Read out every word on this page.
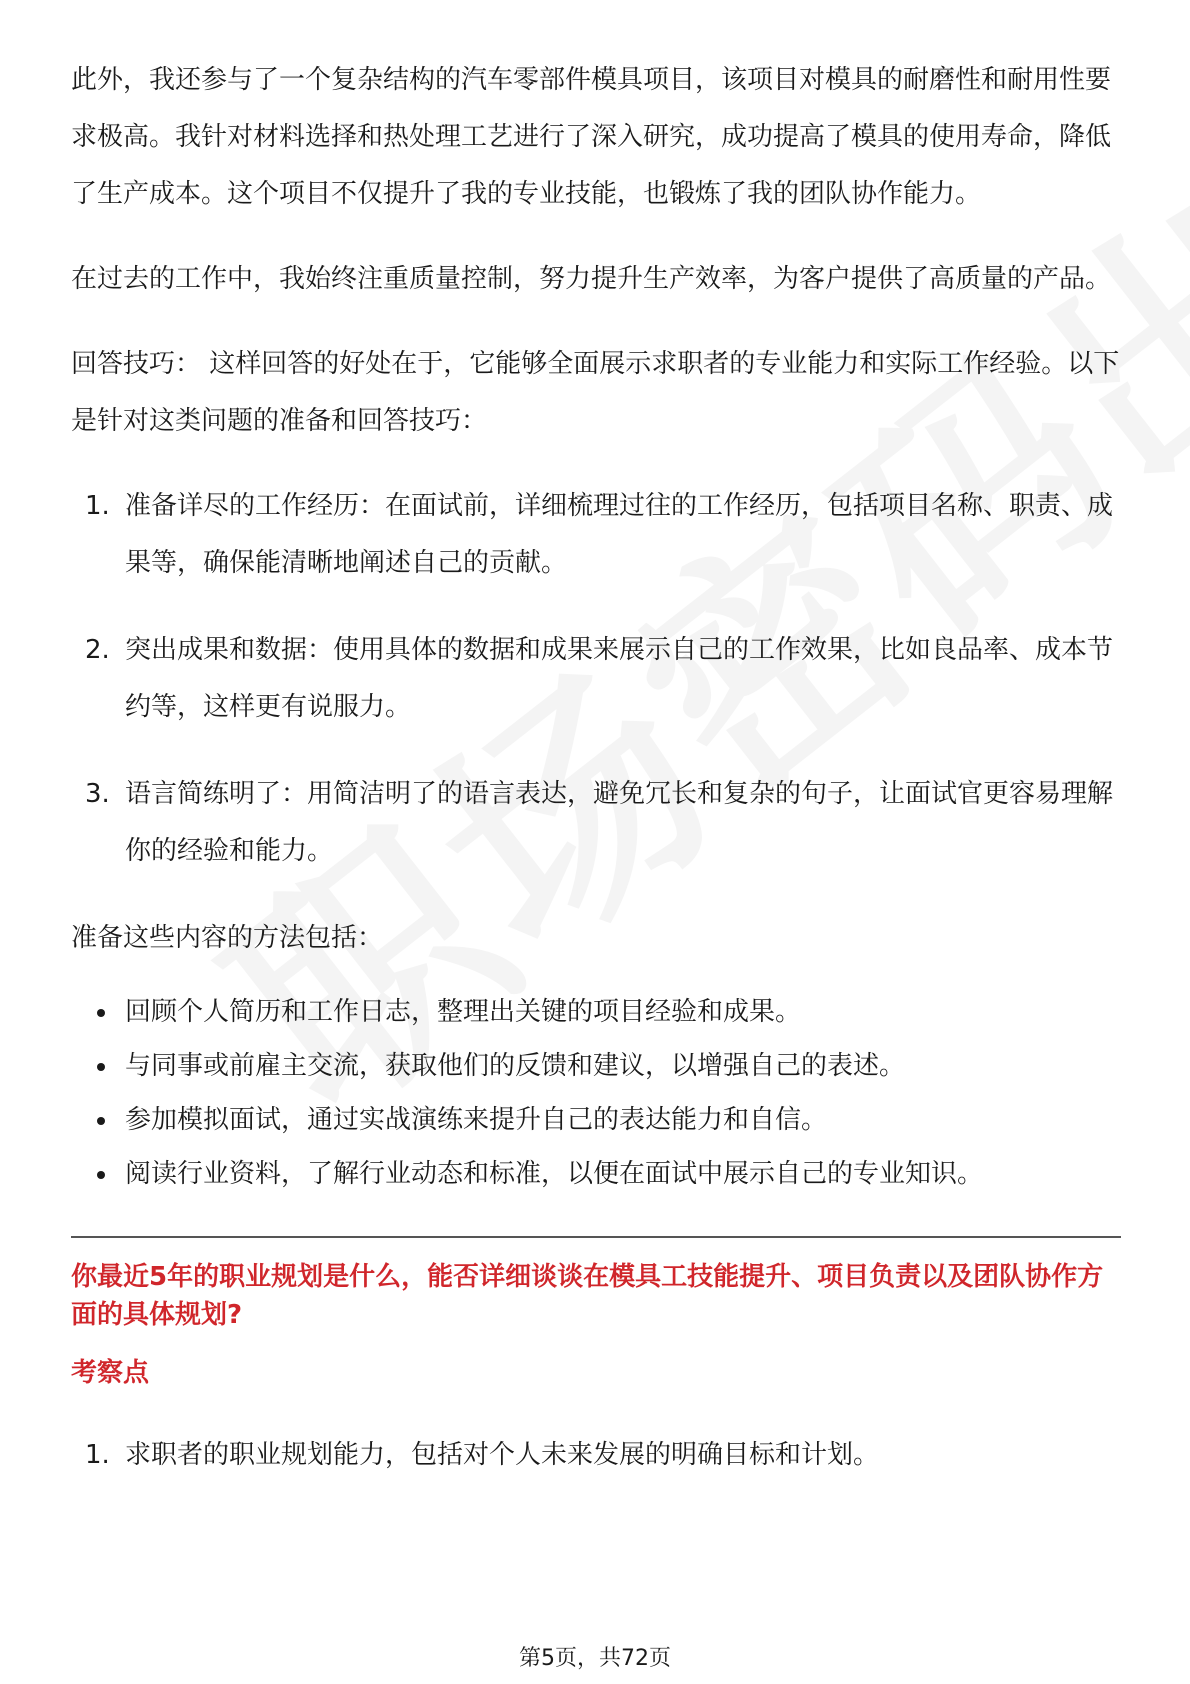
此外，我还参与了一个复杂结构的汽车零部件模具项目，该项目对模具的耐磨性和耐用性要求极高。我针对材料选择和热处理工艺进行了深入研究，成功提高了模具的使用寿命，降低了生产成本。这个项目不仅提升了我的专业技能，也锻炼了我的团队协作能力。

在过去的工作中，我始终注重质量控制，努力提升生产效率，为客户提供了高质量的产品。

回答技巧： 这样回答的好处在于，它能够全面展示求职者的专业能力和实际工作经验。以下是针对这类问题的准备和回答技巧：

1. 准备详尽的工作经历：在面试前，详细梳理过往的工作经历，包括项目名称、职责、成果等，确保能清晰地阐述自己的贡献。
2. 突出成果和数据：使用具体的数据和成果来展示自己的工作效果，比如良品率、成本节约等，这样更有说服力。
3. 语言简练明了：用简洁明了的语言表达，避免冗长和复杂的句子，让面试官更容易理解你的经验和能力。

准备这些内容的方法包括：

回顾个人简历和工作日志，整理出关键的项目经验和成果。
与同事或前雇主交流，获取他们的反馈和建议，以增强自己的表述。
参加模拟面试，通过实战演练来提升自己的表达能力和自信。
阅读行业资料，了解行业动态和标准，以便在面试中展示自己的专业知识。

你最近5年的职业规划是什么，能否详细谈谈在模具工技能提升、项目负责以及团队协作方面的具体规划?

考察点

1. 求职者的职业规划能力，包括对个人未来发展的明确目标和计划。
第5页，共72页
